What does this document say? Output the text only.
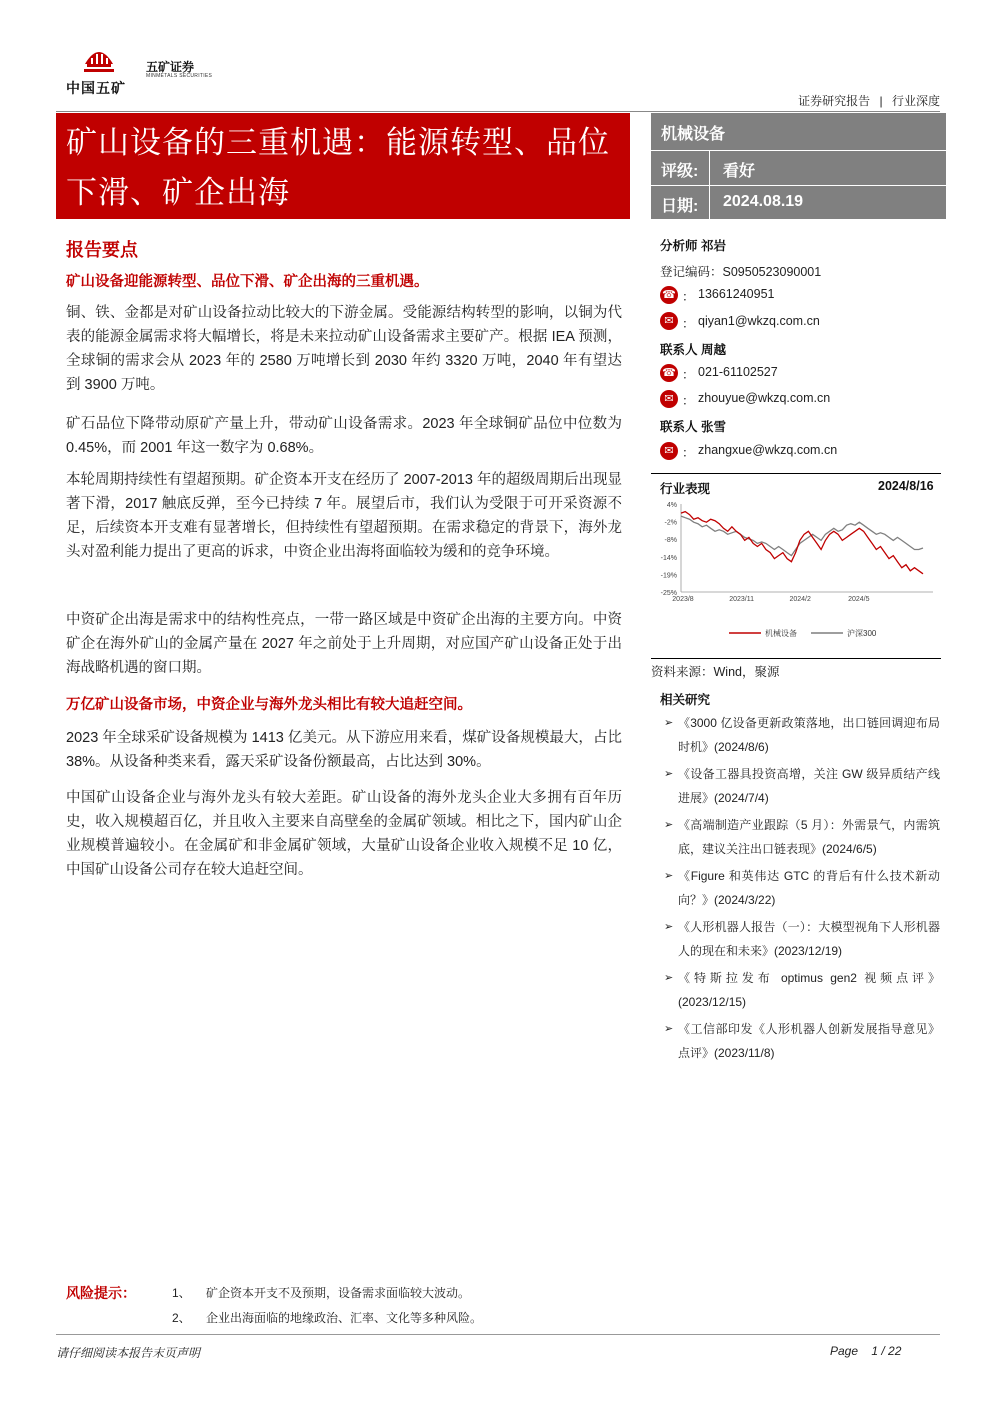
中国五矿
五矿证券
MINMETALS SECURITIES
证券研究报告 | 行业深度
矿山设备的三重机遇：能源转型、品位
下滑、矿企出海
机械设备
评级: 看好
日期: 2024.08.19
报告要点
矿山设备迎能源转型、品位下滑、矿企出海的三重机遇。
铜、铁、金都是对矿山设备拉动比较大的下游金属。受能源结构转型的影响，以铜为代表的能源金属需求将大幅增长，将是未来拉动矿山设备需求主要矿产。根据 IEA 预测，全球铜的需求会从 2023 年的 2580 万吨增长到 2030 年约 3320 万吨，2040 年有望达到 3900 万吨。
矿石品位下降带动原矿产量上升，带动矿山设备需求。2023 年全球铜矿品位中位数为 0.45%，而 2001 年这一数字为 0.68%。
本轮周期持续性有望超预期。矿企资本开支在经历了 2007-2013 年的超级周期后出现显著下滑，2017 触底反弹，至今已持续 7 年。展望后市，我们认为受限于可开采资源不足，后续资本开支难有显著增长，但持续性有望超预期。在需求稳定的背景下，海外龙头对盈利能力提出了更高的诉求，中资企业出海将面临较为缓和的竞争环境。
中资矿企出海是需求中的结构性亮点，一带一路区域是中资矿企出海的主要方向。中资矿企在海外矿山的金属产量在 2027 年之前处于上升周期，对应国产矿山设备正处于出海战略机遇的窗口期。
万亿矿山设备市场，中资企业与海外龙头相比有较大追赶空间。
2023 年全球采矿设备规模为 1413 亿美元。从下游应用来看，煤矿设备规模最大，占比 38%。从设备种类来看，露天采矿设备份额最高，占比达到 30%。
中国矿山设备企业与海外龙头有较大差距。矿山设备的海外龙头企业大多拥有百年历史，收入规模超百亿，并且收入主要来自高壁垒的金属矿领域。相比之下，国内矿山企业规模普遍较小。在金属矿和非金属矿领域，大量矿山设备企业收入规模不足 10 亿，中国矿山设备公司存在较大追赶空间。
分析师 祁岩
登记编码：S0950523090001
☎ ： 13661240951
✉ ： qiyan1@wkzq.com.cn
联系人 周越
☎ ： 021-61102527
✉ ： zhouyue@wkzq.com.cn
联系人 张雪
✉ ： zhangxue@wkzq.com.cn
行业表现	2024/8/16
4%
-2%
-8%
-14%
-19%
-25%
2023/8	2023/11	2024/2	2024/5
机械设备	沪深300
资料来源：Wind，聚源
相关研究
➢ 《3000 亿设备更新政策落地，出口链回调迎布局时机》(2024/8/6)
➢ 《设备工器具投资高增，关注 GW 级异质结产线进展》(2024/7/4)
➢ 《高端制造产业跟踪（5 月）：外需景气，内需筑底，建议关注出口链表现》(2024/6/5)
➢ 《Figure 和英伟达 GTC 的背后有什么技术新动向？》(2024/3/22)
➢ 《人形机器人报告（一）：大模型视角下人形机器人的现在和未来》(2023/12/19)
➢ 《特斯拉发布 optimus gen2 视频点评》(2023/12/15)
➢ 《工信部印发《人形机器人创新发展指导意见》点评》(2023/11/8)
风险提示：	1、 矿企资本开支不及预期，设备需求面临较大波动。
2、 企业出海面临的地缘政治、汇率、文化等多种风险。
请仔细阅读本报告末页声明	Page 1 / 22
